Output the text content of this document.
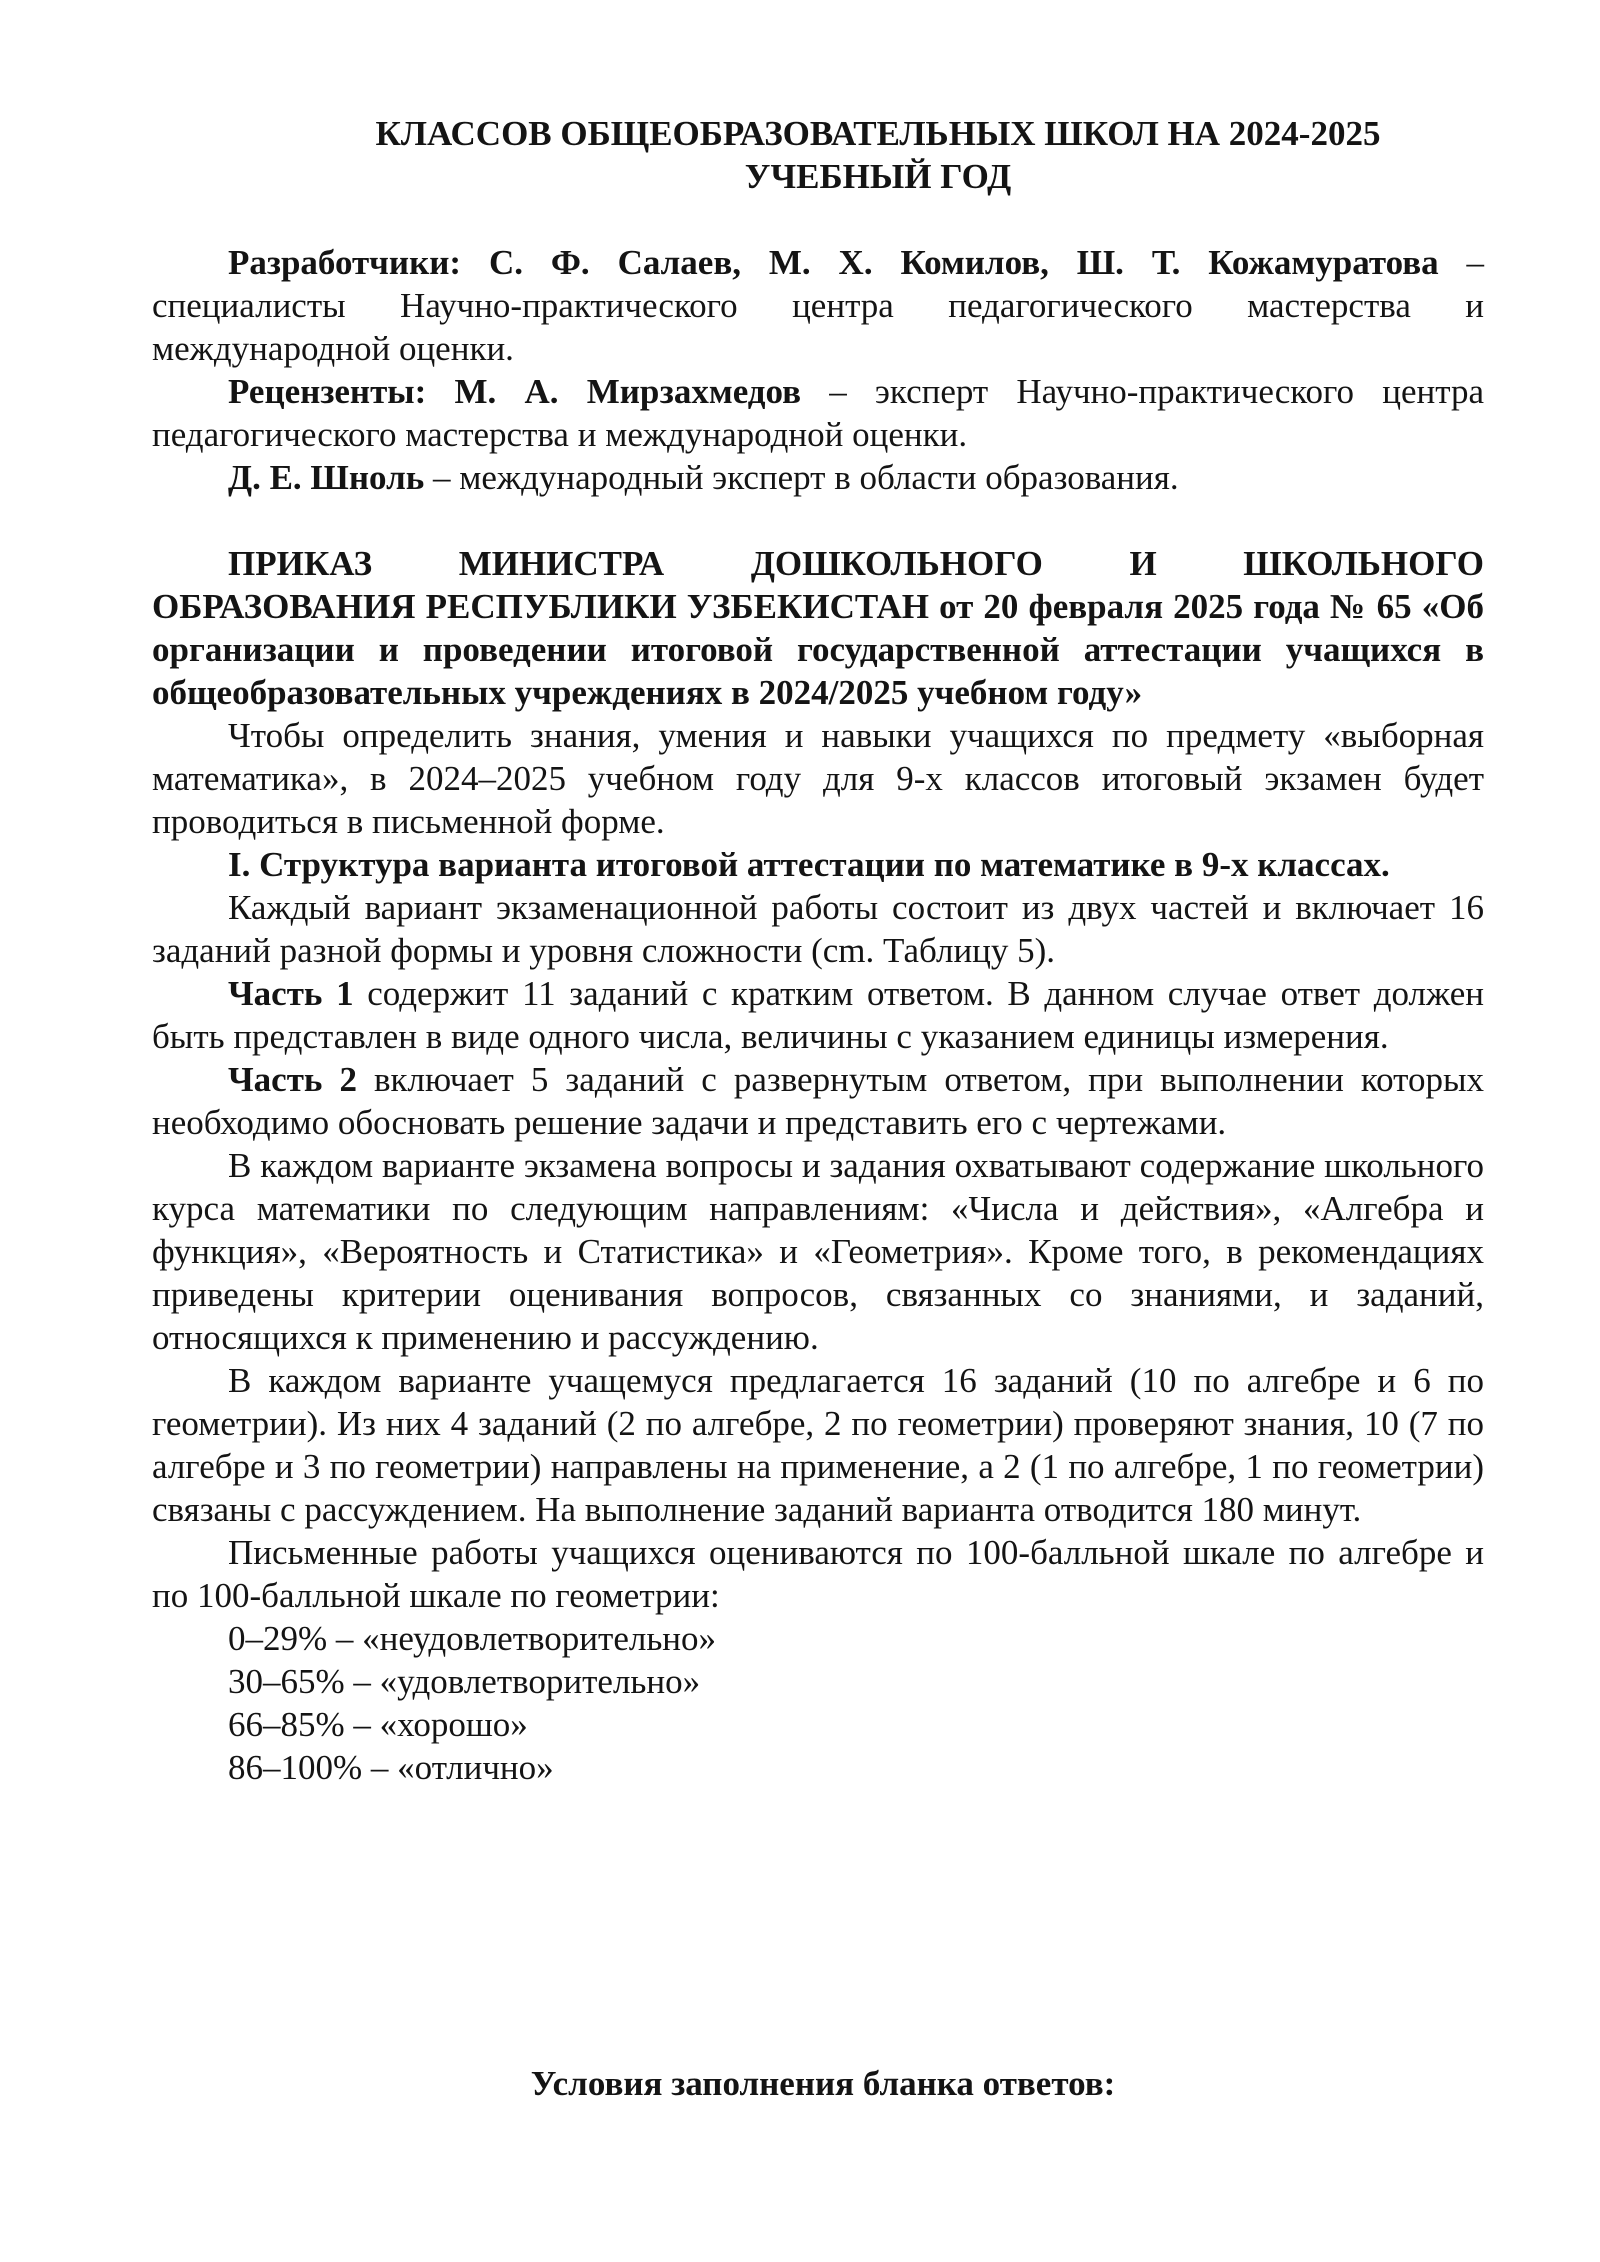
КЛАССОВ ОБЩЕОБРАЗОВАТЕЛЬНЫХ ШКОЛ НА 2024-2025
УЧЕБНЫЙ ГОД

Разработчики: С. Ф. Салаев, М. Х. Комилов, Ш. Т. Кожамуратова – специалисты Научно-практического центра педагогического мастерства и международной оценки.

Рецензенты: М. А. Мирзахмедов – эксперт Научно-практического центра педагогического мастерства и международной оценки.

Д. Е. Шноль – международный эксперт в области образования.

ПРИКАЗ МИНИСТРА ДОШКОЛЬНОГО И ШКОЛЬНОГО

ОБРАЗОВАНИЯ РЕСПУБЛИКИ УЗБЕКИСТАН от 20 февраля 2025 года № 65 «Об организации и проведении итоговой государственной аттестации учащихся в общеобразовательных учреждениях в 2024/2025 учебном году»

Чтобы определить знания, умения и навыки учащихся по предмету «выборная математика», в 2024–2025 учебном году для 9-х классов итоговый экзамен будет проводиться в письменной форме.

I. Структура варианта итоговой аттестации по математике в 9-х классах.

Каждый вариант экзаменационной работы состоит из двух частей и включает 16 заданий разной формы и уровня сложности (cm. Таблицу 5).

Часть 1 содержит 11 заданий с кратким ответом. В данном случае ответ должен быть представлен в виде одного числа, величины с указанием единицы измерения.

Часть 2 включает 5 заданий с развернутым ответом, при выполнении которых необходимо обосновать решение задачи и представить его с чертежами.

В каждом варианте экзамена вопросы и задания охватывают содержание школьного курса математики по следующим направлениям: «Числа и действия», «Алгебра и функция», «Вероятность и Статистика» и «Геометрия». Кроме того, в рекомендациях приведены критерии оценивания вопросов, связанных со знаниями, и заданий, относящихся к применению и рассуждению.

В каждом варианте учащемуся предлагается 16 заданий (10 по алгебре и 6 по геометрии). Из них 4 заданий (2 по алгебре, 2 по геометрии) проверяют знания, 10 (7 по алгебре и 3 по геометрии) направлены на применение, а 2 (1 по алгебре, 1 по геометрии) связаны с рассуждением. На выполнение заданий варианта отводится 180 минут.

Письменные работы учащихся оцениваются по 100-балльной шкале по алгебре и по 100-балльной шкале по геометрии:

0–29% – «неудовлетворительно»

30–65% – «удовлетворительно»

66–85% – «хорошо»

86–100% – «отлично»

Условия заполнения бланка ответов:
